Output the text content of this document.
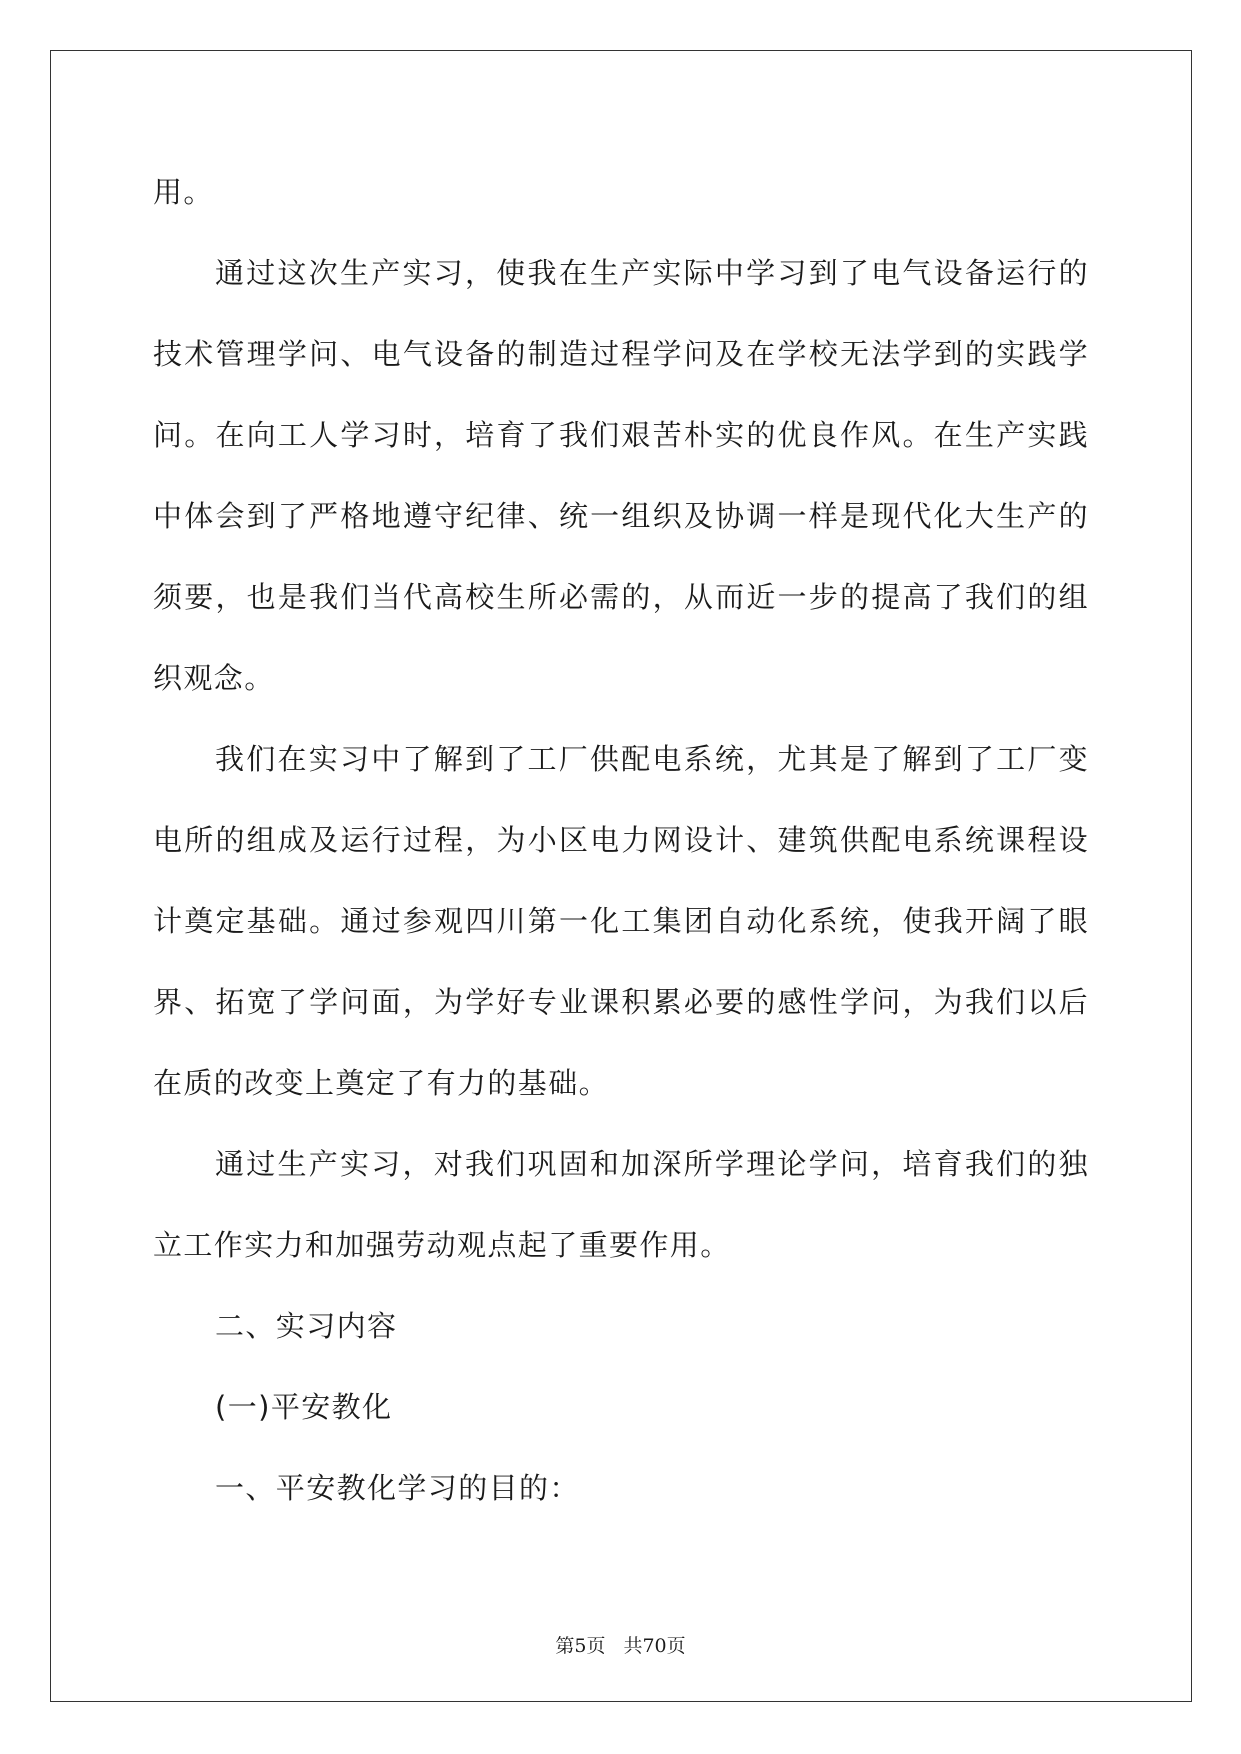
用。

通过这次生产实习，使我在生产实际中学习到了电气设备运行的技术管理学问、电气设备的制造过程学问及在学校无法学到的实践学问。在向工人学习时，培育了我们艰苦朴实的优良作风。在生产实践中体会到了严格地遵守纪律、统一组织及协调一样是现代化大生产的须要，也是我们当代高校生所必需的，从而近一步的提高了我们的组织观念。

我们在实习中了解到了工厂供配电系统，尤其是了解到了工厂变电所的组成及运行过程，为小区电力网设计、建筑供配电系统课程设计奠定基础。通过参观四川第一化工集团自动化系统，使我开阔了眼界、拓宽了学问面，为学好专业课积累必要的感性学问，为我们以后在质的改变上奠定了有力的基础。

通过生产实习，对我们巩固和加深所学理论学问，培育我们的独立工作实力和加强劳动观点起了重要作用。

二、实习内容

(一)平安教化

一、平安教化学习的目的：

第5页 共70页
